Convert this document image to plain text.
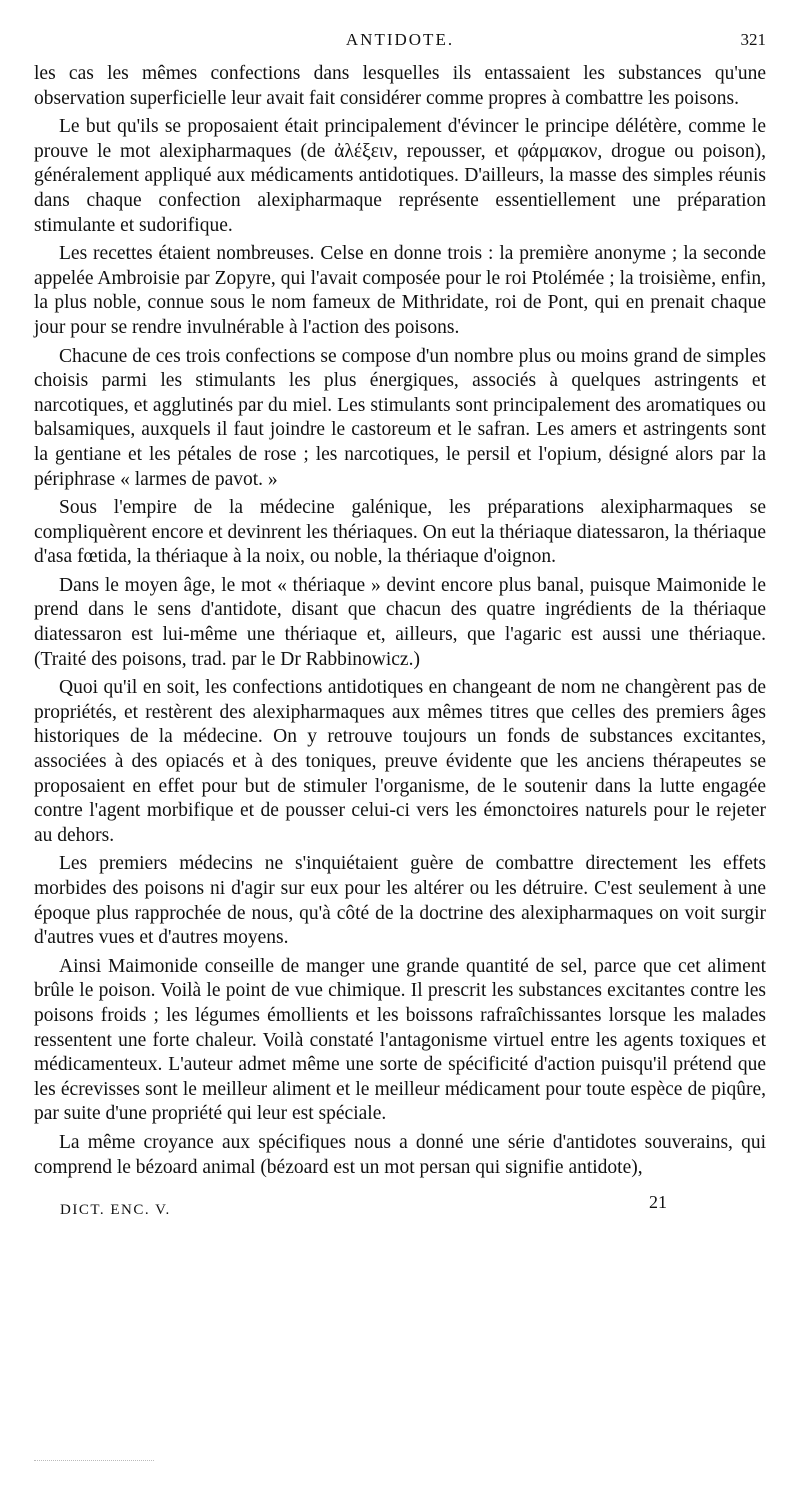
ANTIDOTE.	321

les cas les mêmes confections dans lesquelles ils entassaient les substances qu'une observation superficielle leur avait fait considérer comme propres à combattre les poisons.

Le but qu'ils se proposaient était principalement d'évincer le principe délétère, comme le prouve le mot alexipharmaques (de ἀλέξειν, repousser, et φάρμακον, drogue ou poison), généralement appliqué aux médicaments antidotiques. D'ailleurs, la masse des simples réunis dans chaque confection alexipharmaque représente essentiellement une préparation stimulante et sudorifique.

Les recettes étaient nombreuses. Celse en donne trois : la première anonyme ; la seconde appelée Ambroisie par Zopyre, qui l'avait composée pour le roi Ptolémée ; la troisième, enfin, la plus noble, connue sous le nom fameux de Mithridate, roi de Pont, qui en prenait chaque jour pour se rendre invulnérable à l'action des poisons.

Chacune de ces trois confections se compose d'un nombre plus ou moins grand de simples choisis parmi les stimulants les plus énergiques, associés à quelques astringents et narcotiques, et agglutinés par du miel. Les stimulants sont principalement des aromatiques ou balsamiques, auxquels il faut joindre le castoreum et le safran. Les amers et astringents sont la gentiane et les pétales de rose ; les narcotiques, le persil et l'opium, désigné alors par la périphrase « larmes de pavot. »

Sous l'empire de la médecine galénique, les préparations alexipharmaques se compliquèrent encore et devinrent les thériaques. On eut la thériaque diatessaron, la thériaque d'asa fœtida, la thériaque à la noix, ou noble, la thériaque d'oignon.

Dans le moyen âge, le mot « thériaque » devint encore plus banal, puisque Maimonide le prend dans le sens d'antidote, disant que chacun des quatre ingrédients de la thériaque diatessaron est lui-même une thériaque et, ailleurs, que l'agaric est aussi une thériaque. (Traité des poisons, trad. par le Dr Rabbinowicz.)

Quoi qu'il en soit, les confections antidotiques en changeant de nom ne changèrent pas de propriétés, et restèrent des alexipharmaques aux mêmes titres que celles des premiers âges historiques de la médecine. On y retrouve toujours un fonds de substances excitantes, associées à des opiacés et à des toniques, preuve évidente que les anciens thérapeutes se proposaient en effet pour but de stimuler l'organisme, de le soutenir dans la lutte engagée contre l'agent morbifique et de pousser celui-ci vers les émonctoires naturels pour le rejeter au dehors.

Les premiers médecins ne s'inquiétaient guère de combattre directement les effets morbides des poisons ni d'agir sur eux pour les altérer ou les détruire. C'est seulement à une époque plus rapprochée de nous, qu'à côté de la doctrine des alexipharmaques on voit surgir d'autres vues et d'autres moyens.

Ainsi Maimonide conseille de manger une grande quantité de sel, parce que cet aliment brûle le poison. Voilà le point de vue chimique. Il prescrit les substances excitantes contre les poisons froids ; les légumes émollients et les boissons rafraîchissantes lorsque les malades ressentent une forte chaleur. Voilà constaté l'antagonisme virtuel entre les agents toxiques et médicamenteux. L'auteur admet même une sorte de spécificité d'action puisqu'il prétend que les écrevisses sont le meilleur aliment et le meilleur médicament pour toute espèce de piqûre, par suite d'une propriété qui leur est spéciale.

La même croyance aux spécifiques nous a donné une série d'antidotes souverains, qui comprend le bézoard animal (bézoard est un mot persan qui signifie antidote),

DICT. ENC. V.	21
